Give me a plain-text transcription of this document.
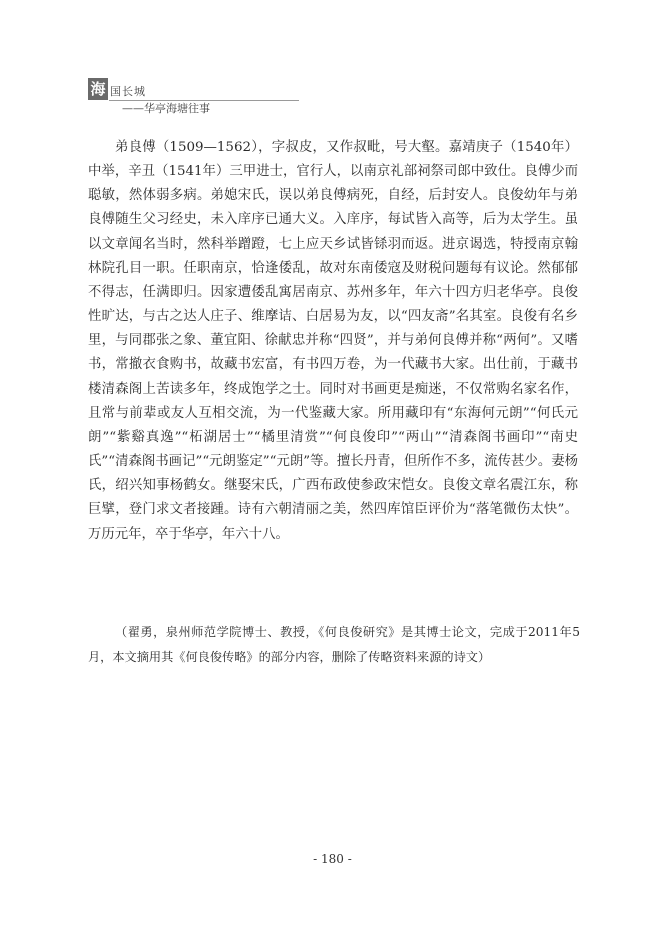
海 国长城
——华亭海塘往事

弟良傅（1509—1562），字叔皮，又作叔毗，号大壑。嘉靖庚子（1540年）中举，辛丑（1541年）三甲进士，官行人，以南京礼部祠祭司郎中致仕。良傅少而聪敏，然体弱多病。弟媳宋氏，误以弟良傅病死，自经，后封安人。良俊幼年与弟良傅随生父习经史，未入庠序已通大义。入庠序，每试皆入高等，后为太学生。虽以文章闻名当时，然科举蹭蹬，七上应天乡试皆铩羽而返。进京谒选，特授南京翰林院孔目一职。任职南京，恰逢倭乱，故对东南倭寇及财税问题每有议论。然郁郁不得志，任满即归。因家遭倭乱寓居南京、苏州多年，年六十四方归老华亭。良俊性旷达，与古之达人庄子、维摩诘、白居易为友，以“四友斋”名其室。良俊有名乡里，与同郡张之象、董宜阳、徐献忠并称“四贤”，并与弟何良傅并称“两何”。又嗜书，常撤衣食购书，故藏书宏富，有书四万卷，为一代藏书大家。出仕前，于藏书楼清森阁上苦读多年，终成饱学之士。同时对书画更是痴迷，不仅常购名家名作，且常与前辈或友人互相交流，为一代鉴藏大家。所用藏印有“东海何元朗”“何氏元朗”“紫谿真逸”“柘湖居士”“橘里清赏”“何良俊印”“两山”“清森阁书画印”“南史氏”“清森阁书画记”“元朗鉴定”“元朗”等。擅长丹青，但所作不多，流传甚少。妻杨氏，绍兴知事杨鹤女。继娶宋氏，广西布政使参政宋恺女。良俊文章名震江东，称巨擘，登门求文者接踵。诗有六朝清丽之美，然四库馆臣评价为“落笔微伤太快”。万历元年，卒于华亭，年六十八。

（翟勇，泉州师范学院博士、教授，《何良俊研究》是其博士论文，完成于2011年5月，本文摘用其《何良俊传略》的部分内容，删除了传略资料来源的诗文）

- 180 -
